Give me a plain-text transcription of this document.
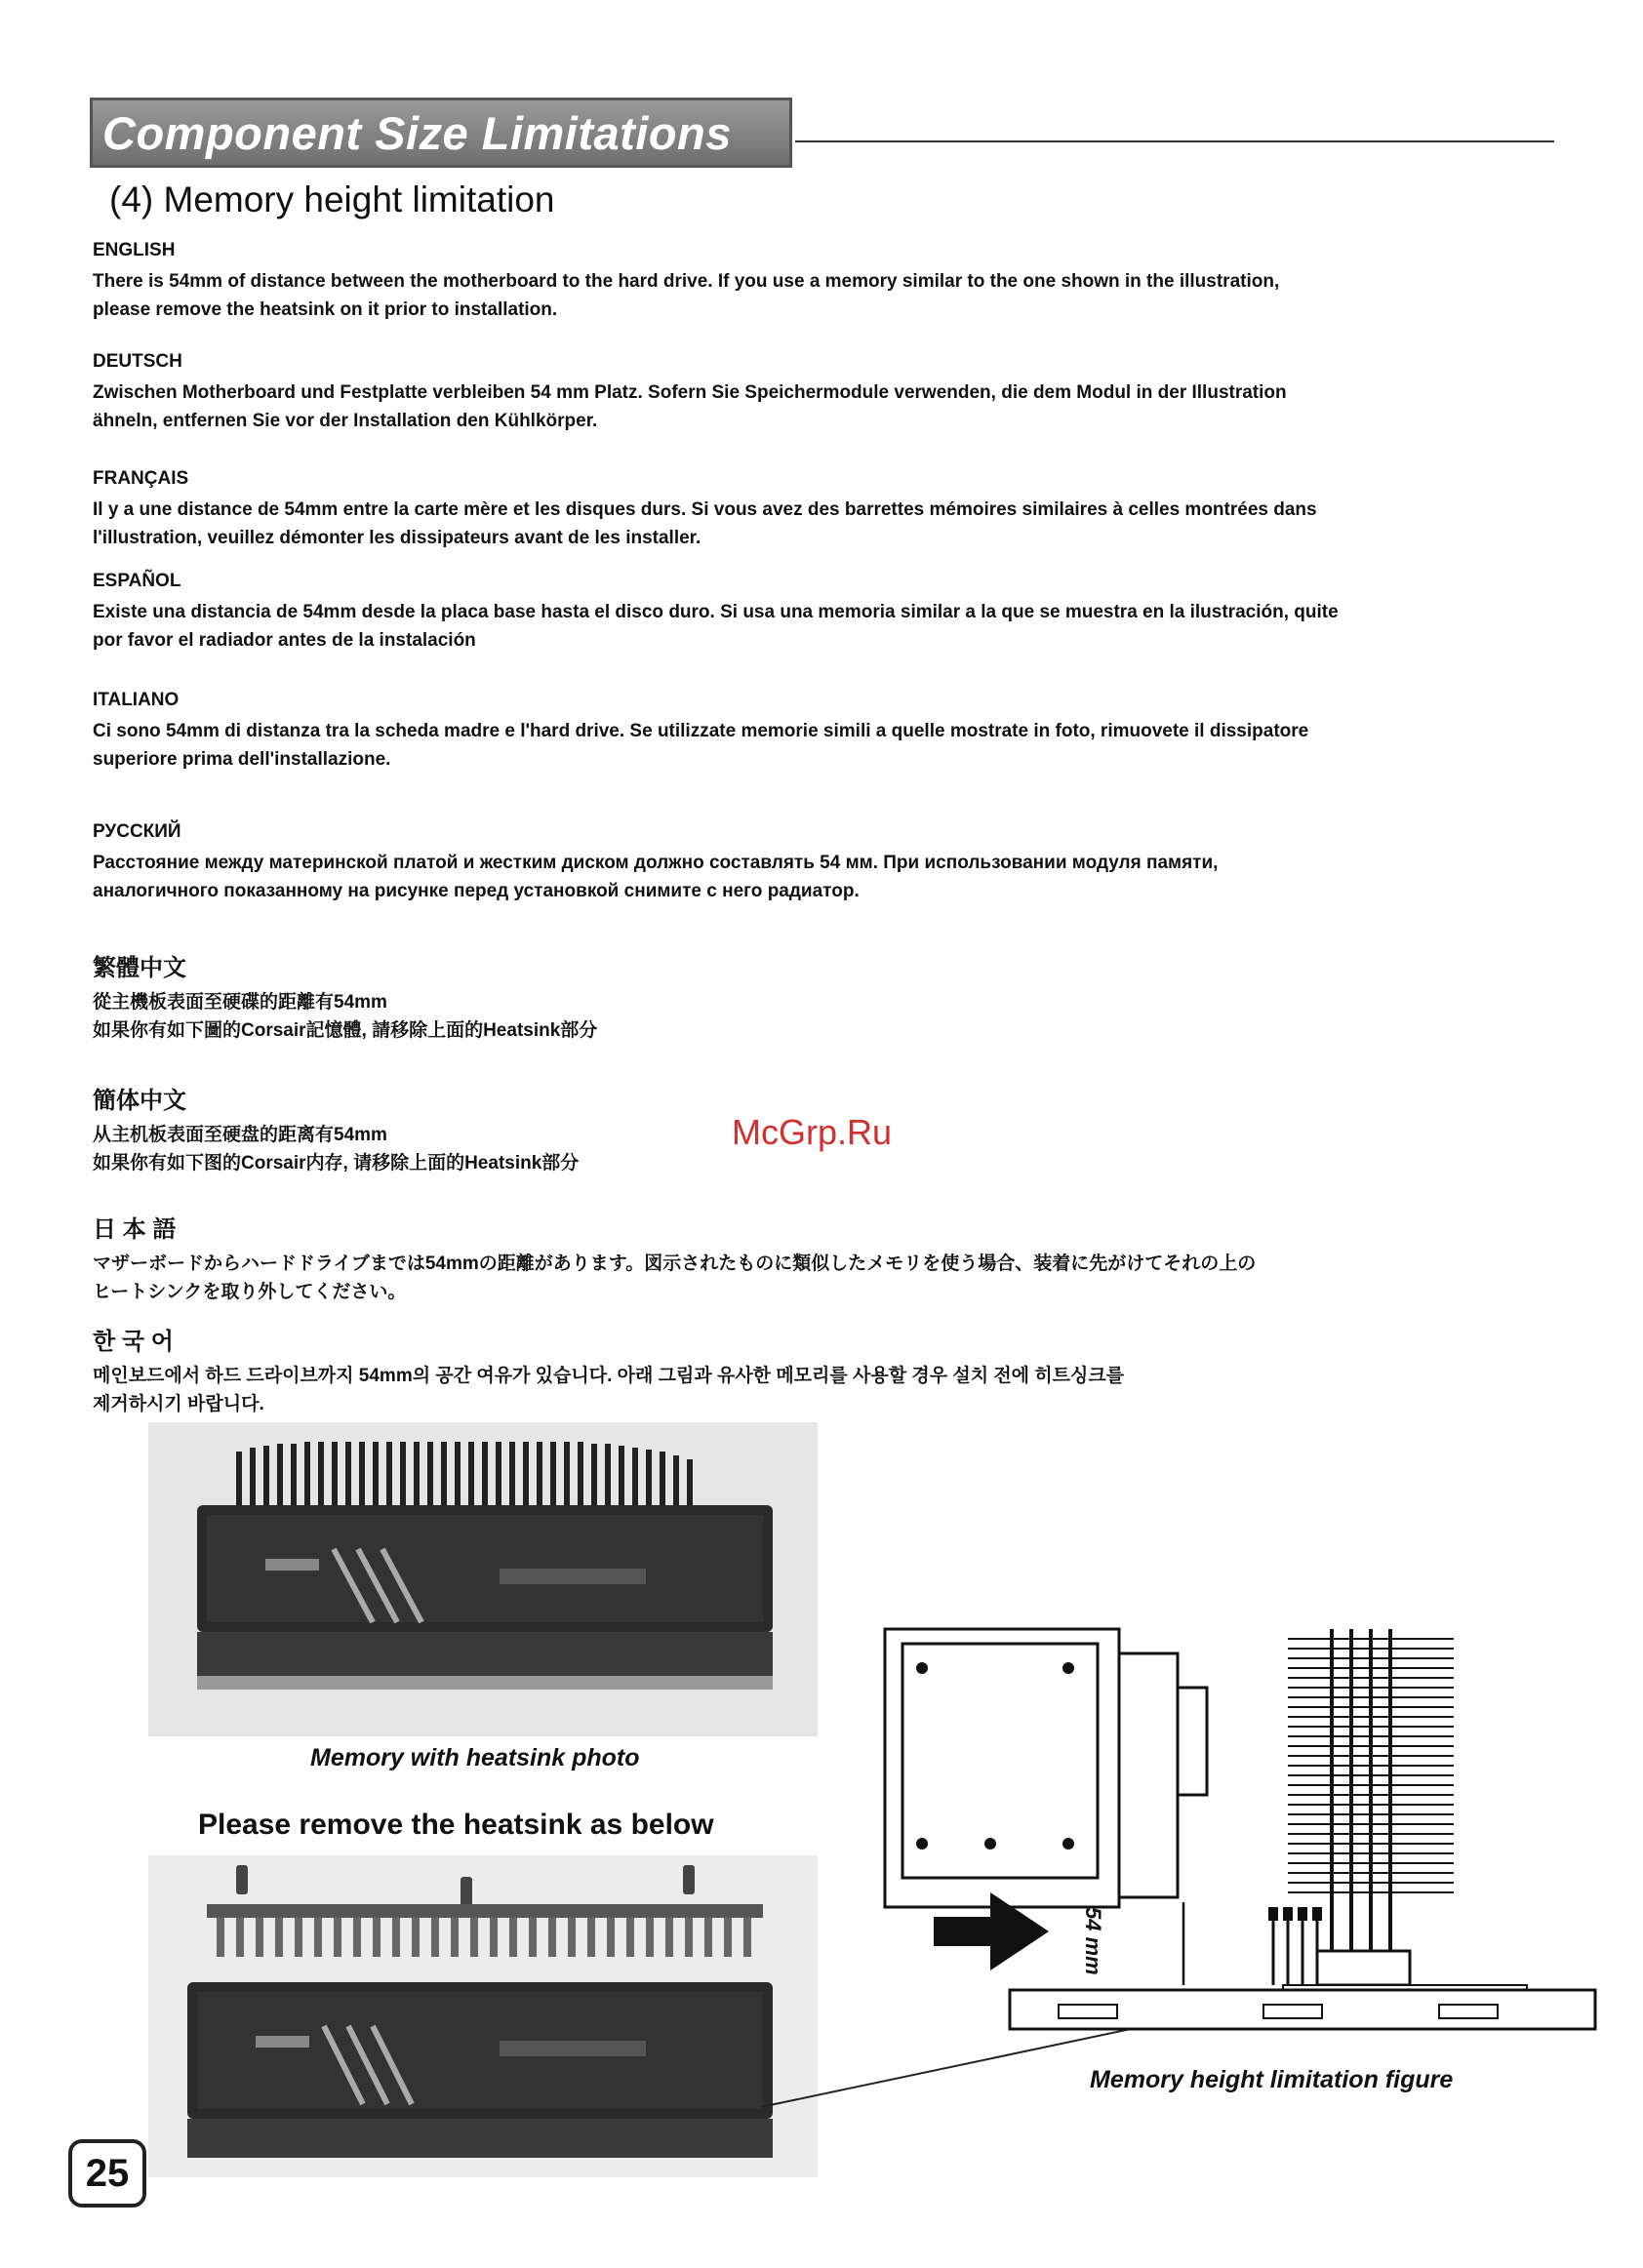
Component Size Limitations
(4) Memory height limitation
ENGLISH

There is 54mm of distance between the motherboard to the hard drive. If you use a memory similar to the one shown in the illustration,
please remove the heatsink on it prior to installation.

DEUTSCH

Zwischen Motherboard und Festplatte verbleiben 54 mm Platz. Sofern Sie Speichermodule verwenden, die dem Modul in der Illustration
ähneln, entfernen Sie vor der Installation den Kühlkörper.

FRANÇAIS

Il y a une distance de 54mm entre la carte mère et les disques durs. Si vous avez des barrettes mémoires similaires à celles montrées dans
l'illustration, veuillez démonter les dissipateurs avant de les installer.

ESPAÑOL

Existe una distancia de 54mm desde la placa base hasta el disco duro. Si usa una memoria similar a la que se muestra en la ilustración, quite
por favor el radiador antes de la instalación

ITALIANO

Ci sono 54mm di distanza tra la scheda madre e l'hard drive. Se utilizzate memorie simili a quelle mostrate in foto, rimuovete il dissipatore
superiore prima dell'installazione.

РУССКИЙ

Расстояние между материнской платой и жестким диском должно составлять 54 мм. При использовании модуля памяти,
аналогичного показанному на рисунке перед установкой снимите с него радиатор.

繁體中文

從主機板表面至硬碟的距離有54mm
如果你有如下圖的Corsair記憶體, 請移除上面的Heatsink部分

簡体中文

从主机板表面至硬盘的距离有54mm
如果你有如下图的Corsair内存, 请移除上面的Heatsink部分

日 本 語

マザーボードからハードドライブまでは54mmの距離があります。図示されたものに類似したメモリを使う場合、装着に先がけてそれの上の
ヒートシンクを取り外してください。

한 국 어

메인보드에서 하드 드라이브까지 54mm의 공간 여유가 있습니다. 아래 그림과 유사한 메모리를 사용할 경우 설치 전에 히트싱크를
제거하시기 바랍니다.

McGrp.Ru
Memory with heatsink photo
Please remove the heatsink as below
54 mm
Memory height limitation figure
25
